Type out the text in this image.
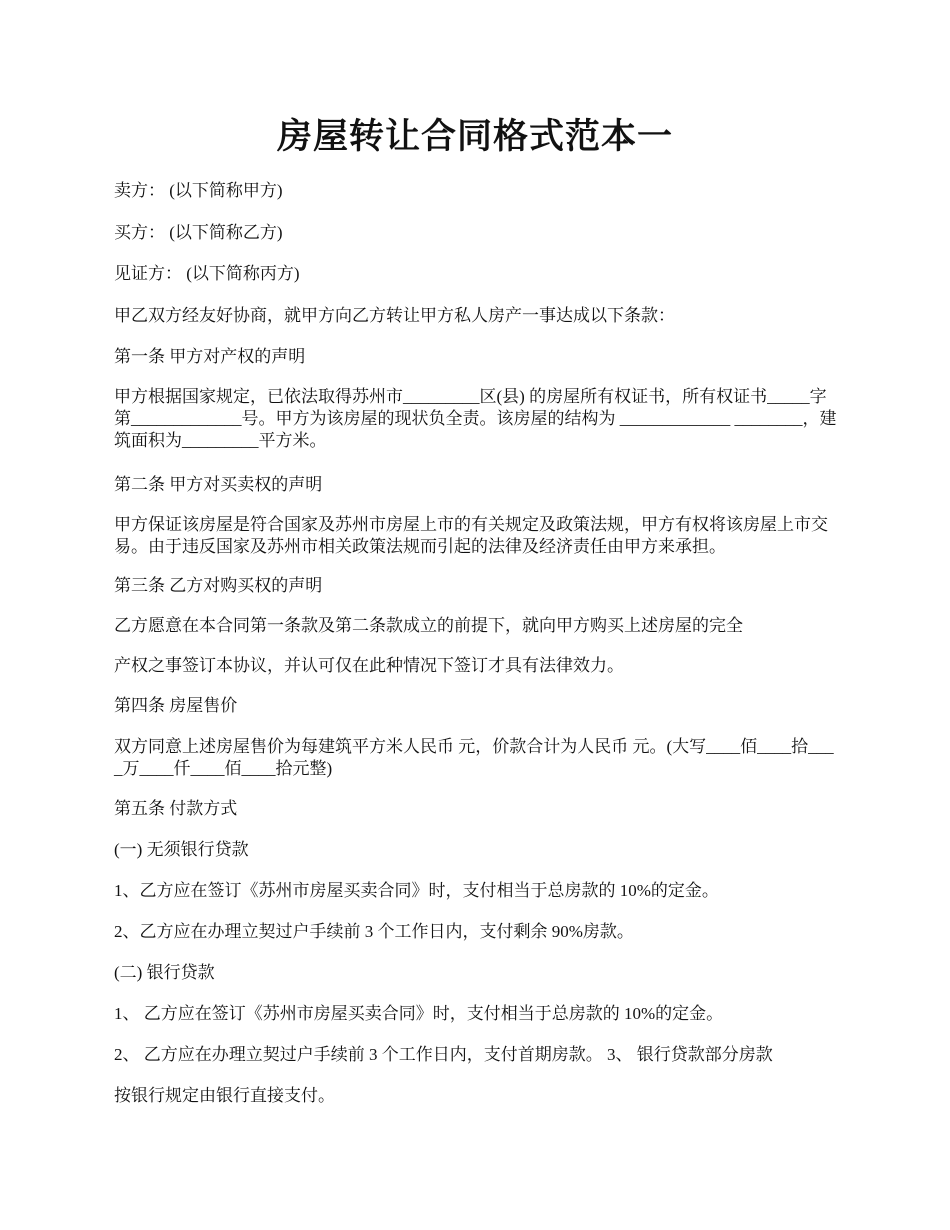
房屋转让合同格式范本一
卖方： (以下简称甲方)
买方： (以下简称乙方)
见证方： (以下简称丙方)
甲乙双方经友好协商，就甲方向乙方转让甲方私人房产一事达成以下条款：
第一条 甲方对产权的声明
甲方根据国家规定，已依法取得苏州市_________区(县) 的房屋所有权证书，所有权证书_____字第_____________号。甲方为该房屋的现状负全责。该房屋的结构为 _____________ ________，建筑面积为_________平方米。
第二条 甲方对买卖权的声明
甲方保证该房屋是符合国家及苏州市房屋上市的有关规定及政策法规，甲方有权将该房屋上市交易。由于违反国家及苏州市相关政策法规而引起的法律及经济责任由甲方来承担。
第三条 乙方对购买权的声明
乙方愿意在本合同第一条款及第二条款成立的前提下，就向甲方购买上述房屋的完全
产权之事签订本协议，并认可仅在此种情况下签订才具有法律效力。
第四条 房屋售价
双方同意上述房屋售价为每建筑平方米人民币 元，价款合计为人民币 元。(大写____佰____拾____万____仟____佰____拾元整)
第五条 付款方式
(一) 无须银行贷款
1、乙方应在签订《苏州市房屋买卖合同》时，支付相当于总房款的 10%的定金。
2、乙方应在办理立契过户手续前 3 个工作日内，支付剩余 90%房款。
(二) 银行贷款
1、 乙方应在签订《苏州市房屋买卖合同》时，支付相当于总房款的 10%的定金。
2、 乙方应在办理立契过户手续前 3 个工作日内，支付首期房款。 3、 银行贷款部分房款
按银行规定由银行直接支付。
